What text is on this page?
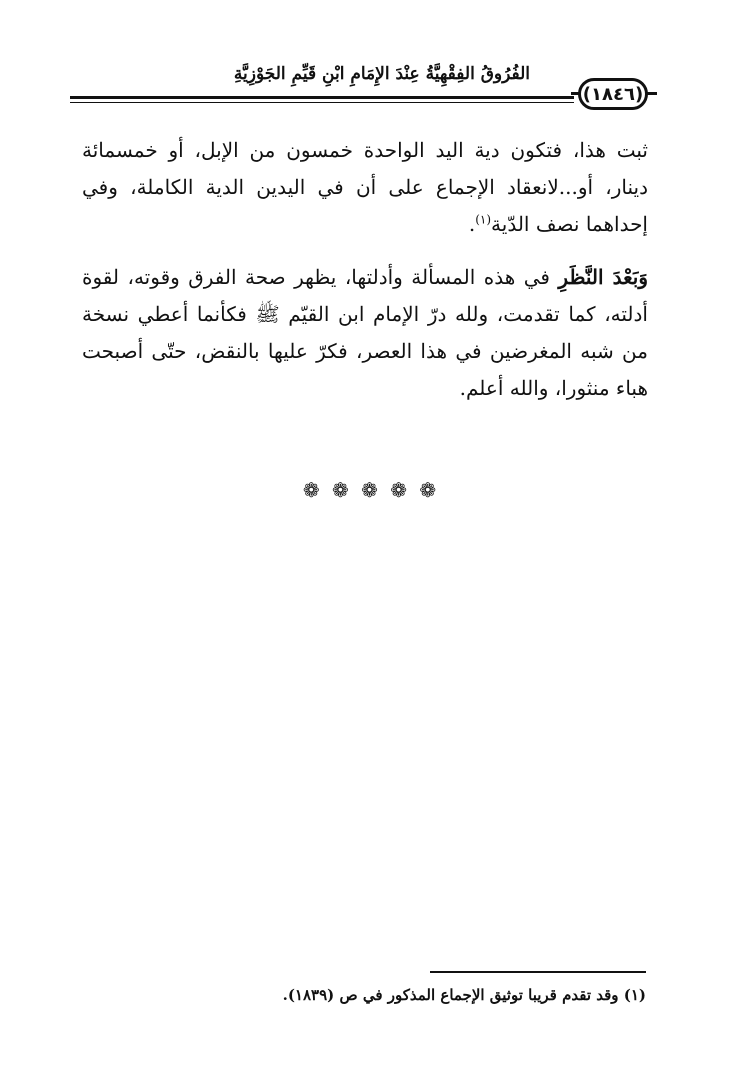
الفُرُوقُ الفِقْهِيَّةُ عِنْدَ الإِمَامِ ابْنِ قَيِّمِ الجَوْزِيَّةِ
(١٨٤٦)

ثبت هذا، فتكون دية اليد الواحدة خمسون من الإبل، أو خمسمائة دينار، أو...لانعقاد الإجماع على أن في اليدين الدية الكاملة، وفي إحداهما نصف الدّية$^{(١)}$.

وَبَعْدَ النَّظَرِ في هذه المسألة وأدلتها، يظهر صحة الفرق وقوته، لقوة أدلته، كما تقدمت، ولله درّ الإمام ابن القيّم ﷺ فكأنما أعطي نسخة من شبه المغرضين في هذا العصر، فكرّ عليها بالنقض، حتّى أصبحت هباء منثورا، والله أعلم.

❁ ❁ ❁ ❁ ❁
(١) وقد تقدم قريبا توثيق الإجماع المذكور في ص (١٨٣٩).
